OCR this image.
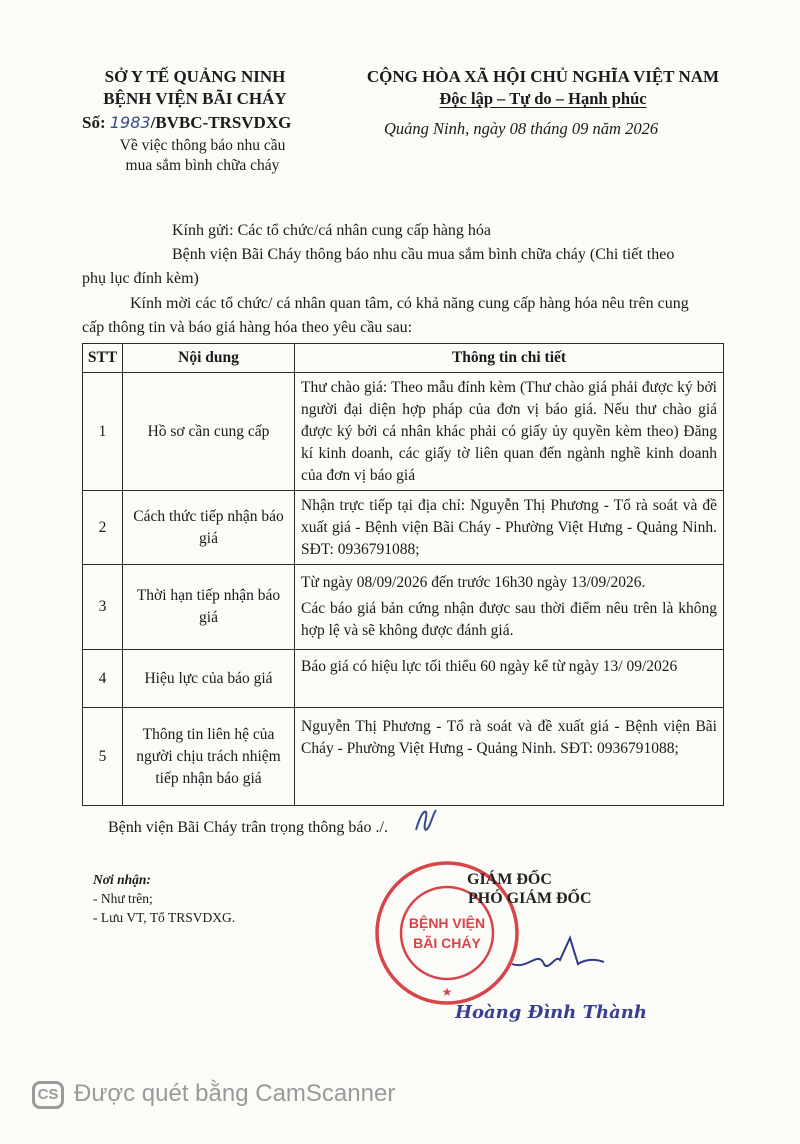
SỞ Y TẾ QUẢNG NINH
BỆNH VIỆN BÃI CHÁY
Số: 1983/BVBC-TRSVDXG
Về việc thông báo nhu cầu
mua sắm bình chữa cháy
CỘNG HÒA XÃ HỘI CHỦ NGHĨA VIỆT NAM
Độc lập – Tự do – Hạnh phúc
Quảng Ninh, ngày 08 tháng 09 năm 2026
Kính gửi: Các tổ chức/cá nhân cung cấp hàng hóa
Bệnh viện Bãi Cháy thông báo nhu cầu mua sắm bình chữa cháy (Chi tiết theo
phụ lục đính kèm)
Kính mời các tổ chức/ cá nhân quan tâm, có khả năng cung cấp hàng hóa nêu trên cung
cấp thông tin và báo giá hàng hóa theo yêu cầu sau:
STT	Nội dung	Thông tin chi tiết
1	Hồ sơ cần cung cấp	Thư chào giá: Theo mẫu đính kèm (Thư chào giá phải được ký bởi người đại diện hợp pháp của đơn vị báo giá. Nếu thư chào giá được ký bởi cá nhân khác phải có giấy ủy quyền kèm theo) Đăng kí kinh doanh, các giấy tờ liên quan đến ngành nghề kinh doanh của đơn vị báo giá
2	Cách thức tiếp nhận báo giá	Nhận trực tiếp tại địa chỉ: Nguyễn Thị Phương - Tổ rà soát và đề xuất giá - Bệnh viện Bãi Cháy - Phường Việt Hưng - Quảng Ninh. SĐT: 0936791088;
3	Thời hạn tiếp nhận báo giá	Từ ngày 08/09/2026 đến trước 16h30 ngày 13/09/2026.
Các báo giá bản cứng nhận được sau thời điểm nêu trên là không hợp lệ và sẽ không được đánh giá.

4	Hiệu lực của báo giá	Báo giá có hiệu lực tối thiểu 60 ngày kể từ ngày 13/ 09/2026
5	Thông tin liên hệ của người chịu trách nhiệm tiếp nhận báo giá	Nguyễn Thị Phương - Tổ rà soát và đề xuất giá - Bệnh viện Bãi Cháy - Phường Việt Hưng - Quảng Ninh. SĐT: 0936791088;
Bệnh viện Bãi Cháy trân trọng thông báo ./.
Nơi nhận:
- Như trên;
- Lưu VT, Tổ TRSVDXG.	BỆNH VIỆN
BÃI CHÁY
★
GIÁM ĐỐC
PHÓ GIÁM ĐỐC
Hoàng Đình Thành
CS Được quét bằng CamScanner
